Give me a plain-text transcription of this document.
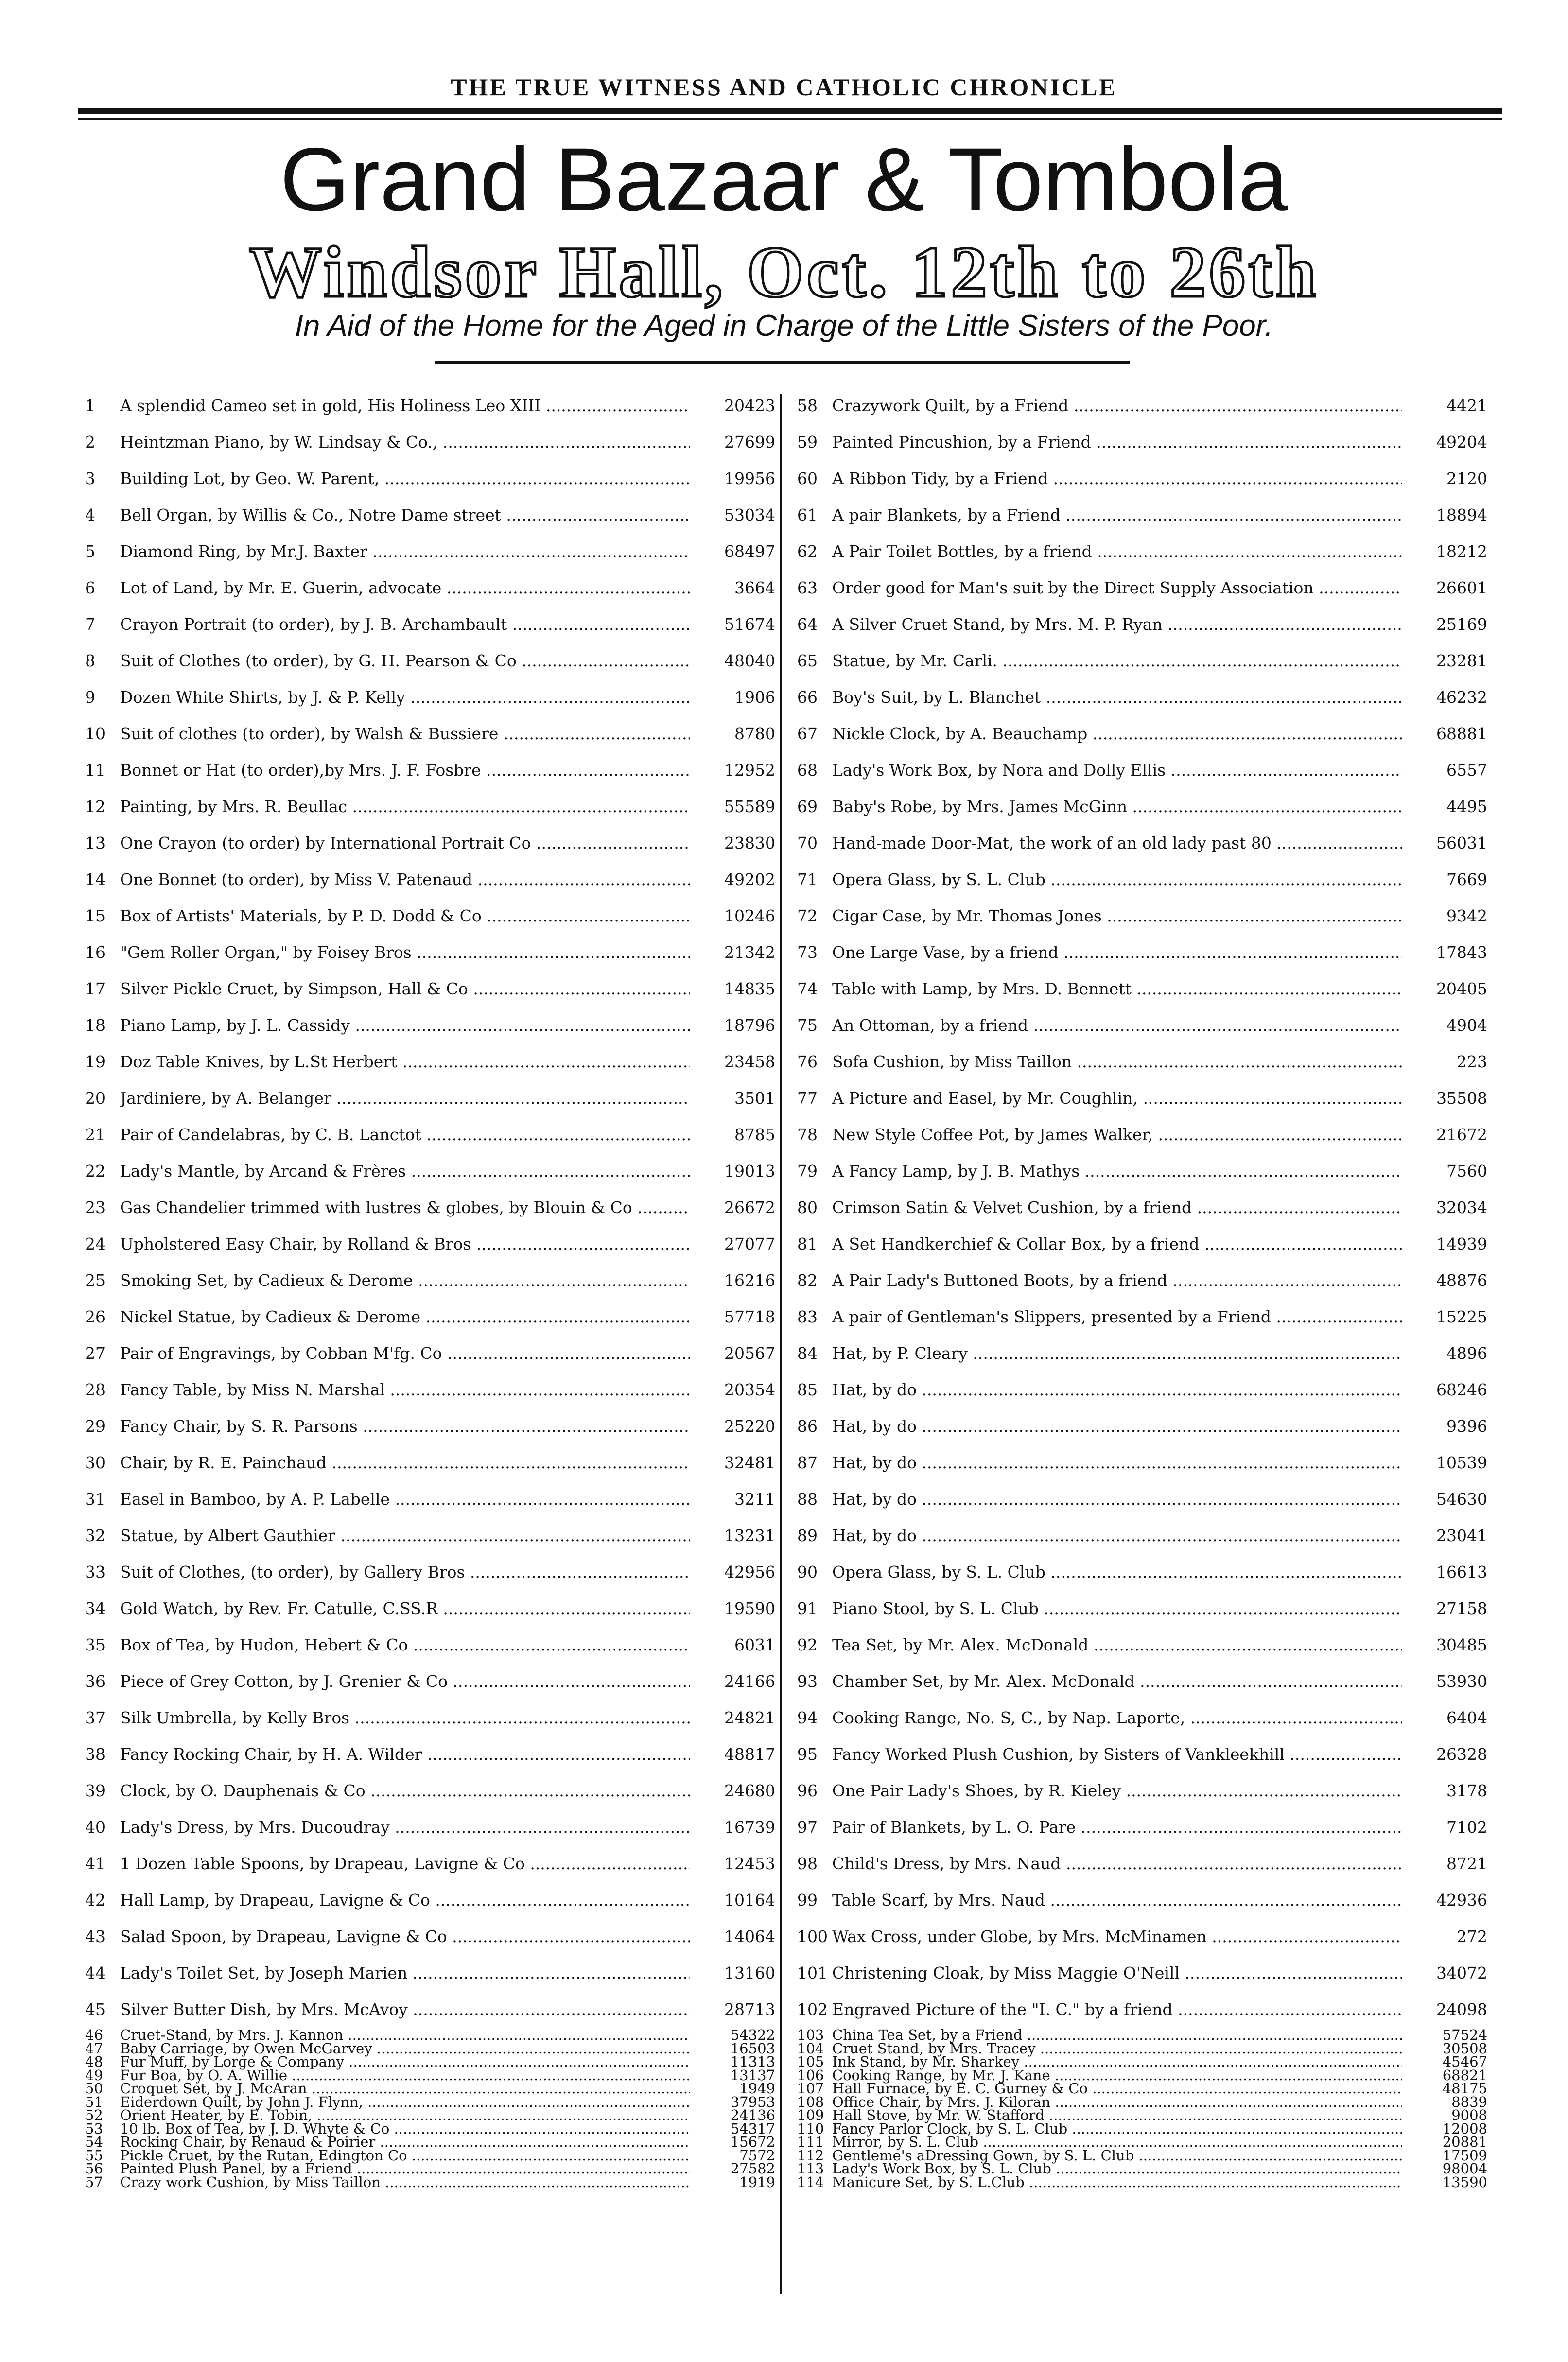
THE TRUE WITNESS AND CATHOLIC CHRONICLE
Grand Bazaar & Tombola
Windsor Hall, Oct. 12th to 26th
In Aid of the Home for the Aged in Charge of the Little Sisters of the Poor.
1	A splendid Cameo set in gold, His Holiness Leo XIII .....	20423
2	Heintzman Piano, by W. Lindsay & Co., .....	27699
3	Building Lot, by Geo. W. Parent, .....	19956
4	Bell Organ, by Willis & Co., Notre Dame street .....	53034
5	Diamond Ring, by Mr.J. Baxter .....	68497
6	Lot of Land, by Mr. E. Guerin, advocate .....	3664
7	Crayon Portrait (to order), by J. B. Archambault .....	51674
8	Suit of Clothes (to order), by G. H. Pearson & Co .....	48040
9	Dozen White Shirts, by J. & P. Kelly .....	1906
10 Suit of clothes (to order), by Walsh & Bussiere .....	8780
11 Bonnet or Hat (to order),by Mrs. J. F. Fosbre .....	12952
12 Painting, by Mrs. R. Beullac .....	55589
13 One Crayon (to order) by International Portrait Co .....	23830
14 One Bonnet (to order), by Miss V. Patenaud .....	49202
15 Box of Artists' Materials, by P. D. Dodd & Co .....	10246
16 "Gem Roller Organ," by Foisey Bros .....	21342
17 Silver Pickle Cruet, by Simpson, Hall & Co .....	14835
18 Piano Lamp, by J. L. Cassidy .....	18796
19 Doz Table Knives, by L.St Herbert .....	23458
20 Jardiniere, by A. Belanger .....	3501
21 Pair of Candelabras, by C. B. Lanctot .....	8785
22 Lady's Mantle, by Arcand & Frères .....	19013
23 Gas Chandelier trimmed with lustres & globes, by Blouin & Co .....	26672
24 Upholstered Easy Chair, by Rolland & Bros .....	27077
25 Smoking Set, by Cadieux & Derome .....	16216
26 Nickel Statue, by Cadieux & Derome .....	57718
27 Pair of Engravings, by Cobban M'fg. Co .....	20567
28 Fancy Table, by Miss N. Marshal .....	20354
29 Fancy Chair, by S. R. Parsons .....	25220
30 Chair, by R. E. Painchaud .....	32481
31 Easel in Bamboo, by A. P. Labelle .....	3211
32 Statue, by Albert Gauthier .....	13231
33 Suit of Clothes, (to order), by Gallery Bros .....	42956
34 Gold Watch, by Rev. Fr. Catulle, C.SS.R .....	19590
35 Box of Tea, by Hudon, Hebert & Co .....	6031
36 Piece of Grey Cotton, by J. Grenier & Co .....	24166
37 Silk Umbrella, by Kelly Bros .....	24821
38 Fancy Rocking Chair, by H. A. Wilder .....	48817
39 Clock, by O. Dauphenais & Co .....	24680
40 Lady's Dress, by Mrs. Ducoudray .....	16739
41 1 Dozen Table Spoons, by Drapeau, Lavigne & Co .....	12453
42 Hall Lamp, by Drapeau, Lavigne & Co .....	10164
43 Salad Spoon, by Drapeau, Lavigne & Co .....	14064
44 Lady's Toilet Set, by Joseph Marien .....	13160
45 Silver Butter Dish, by Mrs. McAvoy .....	28713
46	Cruet-Stand, by Mrs. J. Kannon .....	54322
47	Baby Carriage, by Owen McGarvey .....	16503
48	Fur Muff, by Lorge & Company .....	11313
49	Fur Boa, by O. A. Willie .....	13137
50	Croquet Set, by J. McAran .....	1949
51	Eiderdown Quilt, by John J. Flynn, .....	37953
52	Orient Heater, by E. Tobin, .....	24136
53	10 lb. Box of Tea, by J. D. Whyte & Co .....	54317
54	Rocking Chair, by Renaud & Poirier .....	15672
55	Pickle Cruet, by the Rutan, Edington Co .....	7572
56	Painted Plush Panel, by a Friend .....	27582
57	Crazy work Cushion, by Miss Taillon .....	1919
58 Crazywork Quilt, by a Friend .....	4421
59 Painted Pincushion, by a Friend .....	49204
60 A Ribbon Tidy, by a Friend .....	2120
61 A pair Blankets, by a Friend .....	18894
62 A Pair Toilet Bottles, by a friend .....	18212
63 Order good for Man's suit by the Direct Supply Association .....	26601
64 A Silver Cruet Stand, by Mrs. M. P. Ryan .....	25169
65 Statue, by Mr. Carli. .....	23281
66 Boy's Suit, by L. Blanchet .....	46232
67 Nickle Clock, by A. Beauchamp .....	68881
68 Lady's Work Box, by Nora and Dolly Ellis .....	6557
69 Baby's Robe, by Mrs. James McGinn .....	4495
70 Hand-made Door-Mat, the work of an old lady past 80 .....	56031
71 Opera Glass, by S. L. Club .....	7669
72 Cigar Case, by Mr. Thomas Jones .....	9342
73 One Large Vase, by a friend .....	17843
74 Table with Lamp, by Mrs. D. Bennett .....	20405
75 An Ottoman, by a friend .....	4904
76 Sofa Cushion, by Miss Taillon .....	223
77 A Picture and Easel, by Mr. Coughlin, .....	35508
78 New Style Coffee Pot, by James Walker, .....	21672
79 A Fancy Lamp, by J. B. Mathys .....	7560
80 Crimson Satin & Velvet Cushion, by a friend .....	32034
81 A Set Handkerchief & Collar Box, by a friend .....	14939
82 A Pair Lady's Buttoned Boots, by a friend .....	48876
83 A pair of Gentleman's Slippers, presented by a Friend .....	15225
84 Hat, by P. Cleary .....	4896
85 Hat, by do .....	68246
86 Hat, by do .....	9396
87 Hat, by do .....	10539
88 Hat, by do .....	54630
89 Hat, by do .....	23041
90 Opera Glass, by S. L. Club .....	16613
91 Piano Stool, by S. L. Club .....	27158
92 Tea Set, by Mr. Alex. McDonald .....	30485
93 Chamber Set, by Mr. Alex. McDonald .....	53930
94 Cooking Range, No. S, C., by Nap. Laporte, .....	6404
95 Fancy Worked Plush Cushion, by Sisters of Vankleekhill .....	26328
96 One Pair Lady's Shoes, by R. Kieley .....	3178
97 Pair of Blankets, by L. O. Pare .....	7102
98 Child's Dress, by Mrs. Naud .....	8721
99 Table Scarf, by Mrs. Naud .....	42936
100 Wax Cross, under Globe, by Mrs. McMinamen .....	272
101 Christening Cloak, by Miss Maggie O'Neill .....	34072
102 Engraved Picture of the "I. C." by a friend .....	24098
103 China Tea Set, by a Friend .....	57524
104 Cruet Stand, by Mrs. Tracey .....	30508
105 Ink Stand, by Mr. Sharkey .....	45467
106 Cooking Range, by Mr. J. Kane .....	68821
107 Hall Furnace, by E. C. Gurney & Co .....	48175
108 Office Chair, by Mrs. J. Kiloran .....	8839
109 Hall Stove, by Mr. W. Stafford .....	9008
110 Fancy Parlor Clock, by S. L. Club .....	12008
111 Mirror, by S. L. Club .....	20881
112 Gentleme's aDressing Gown, by S. L. Club .....	17509
113 Lady's Work Box, by S. L. Club .....	98004
114 Manicure Set, by S. L.Club .....	13590
